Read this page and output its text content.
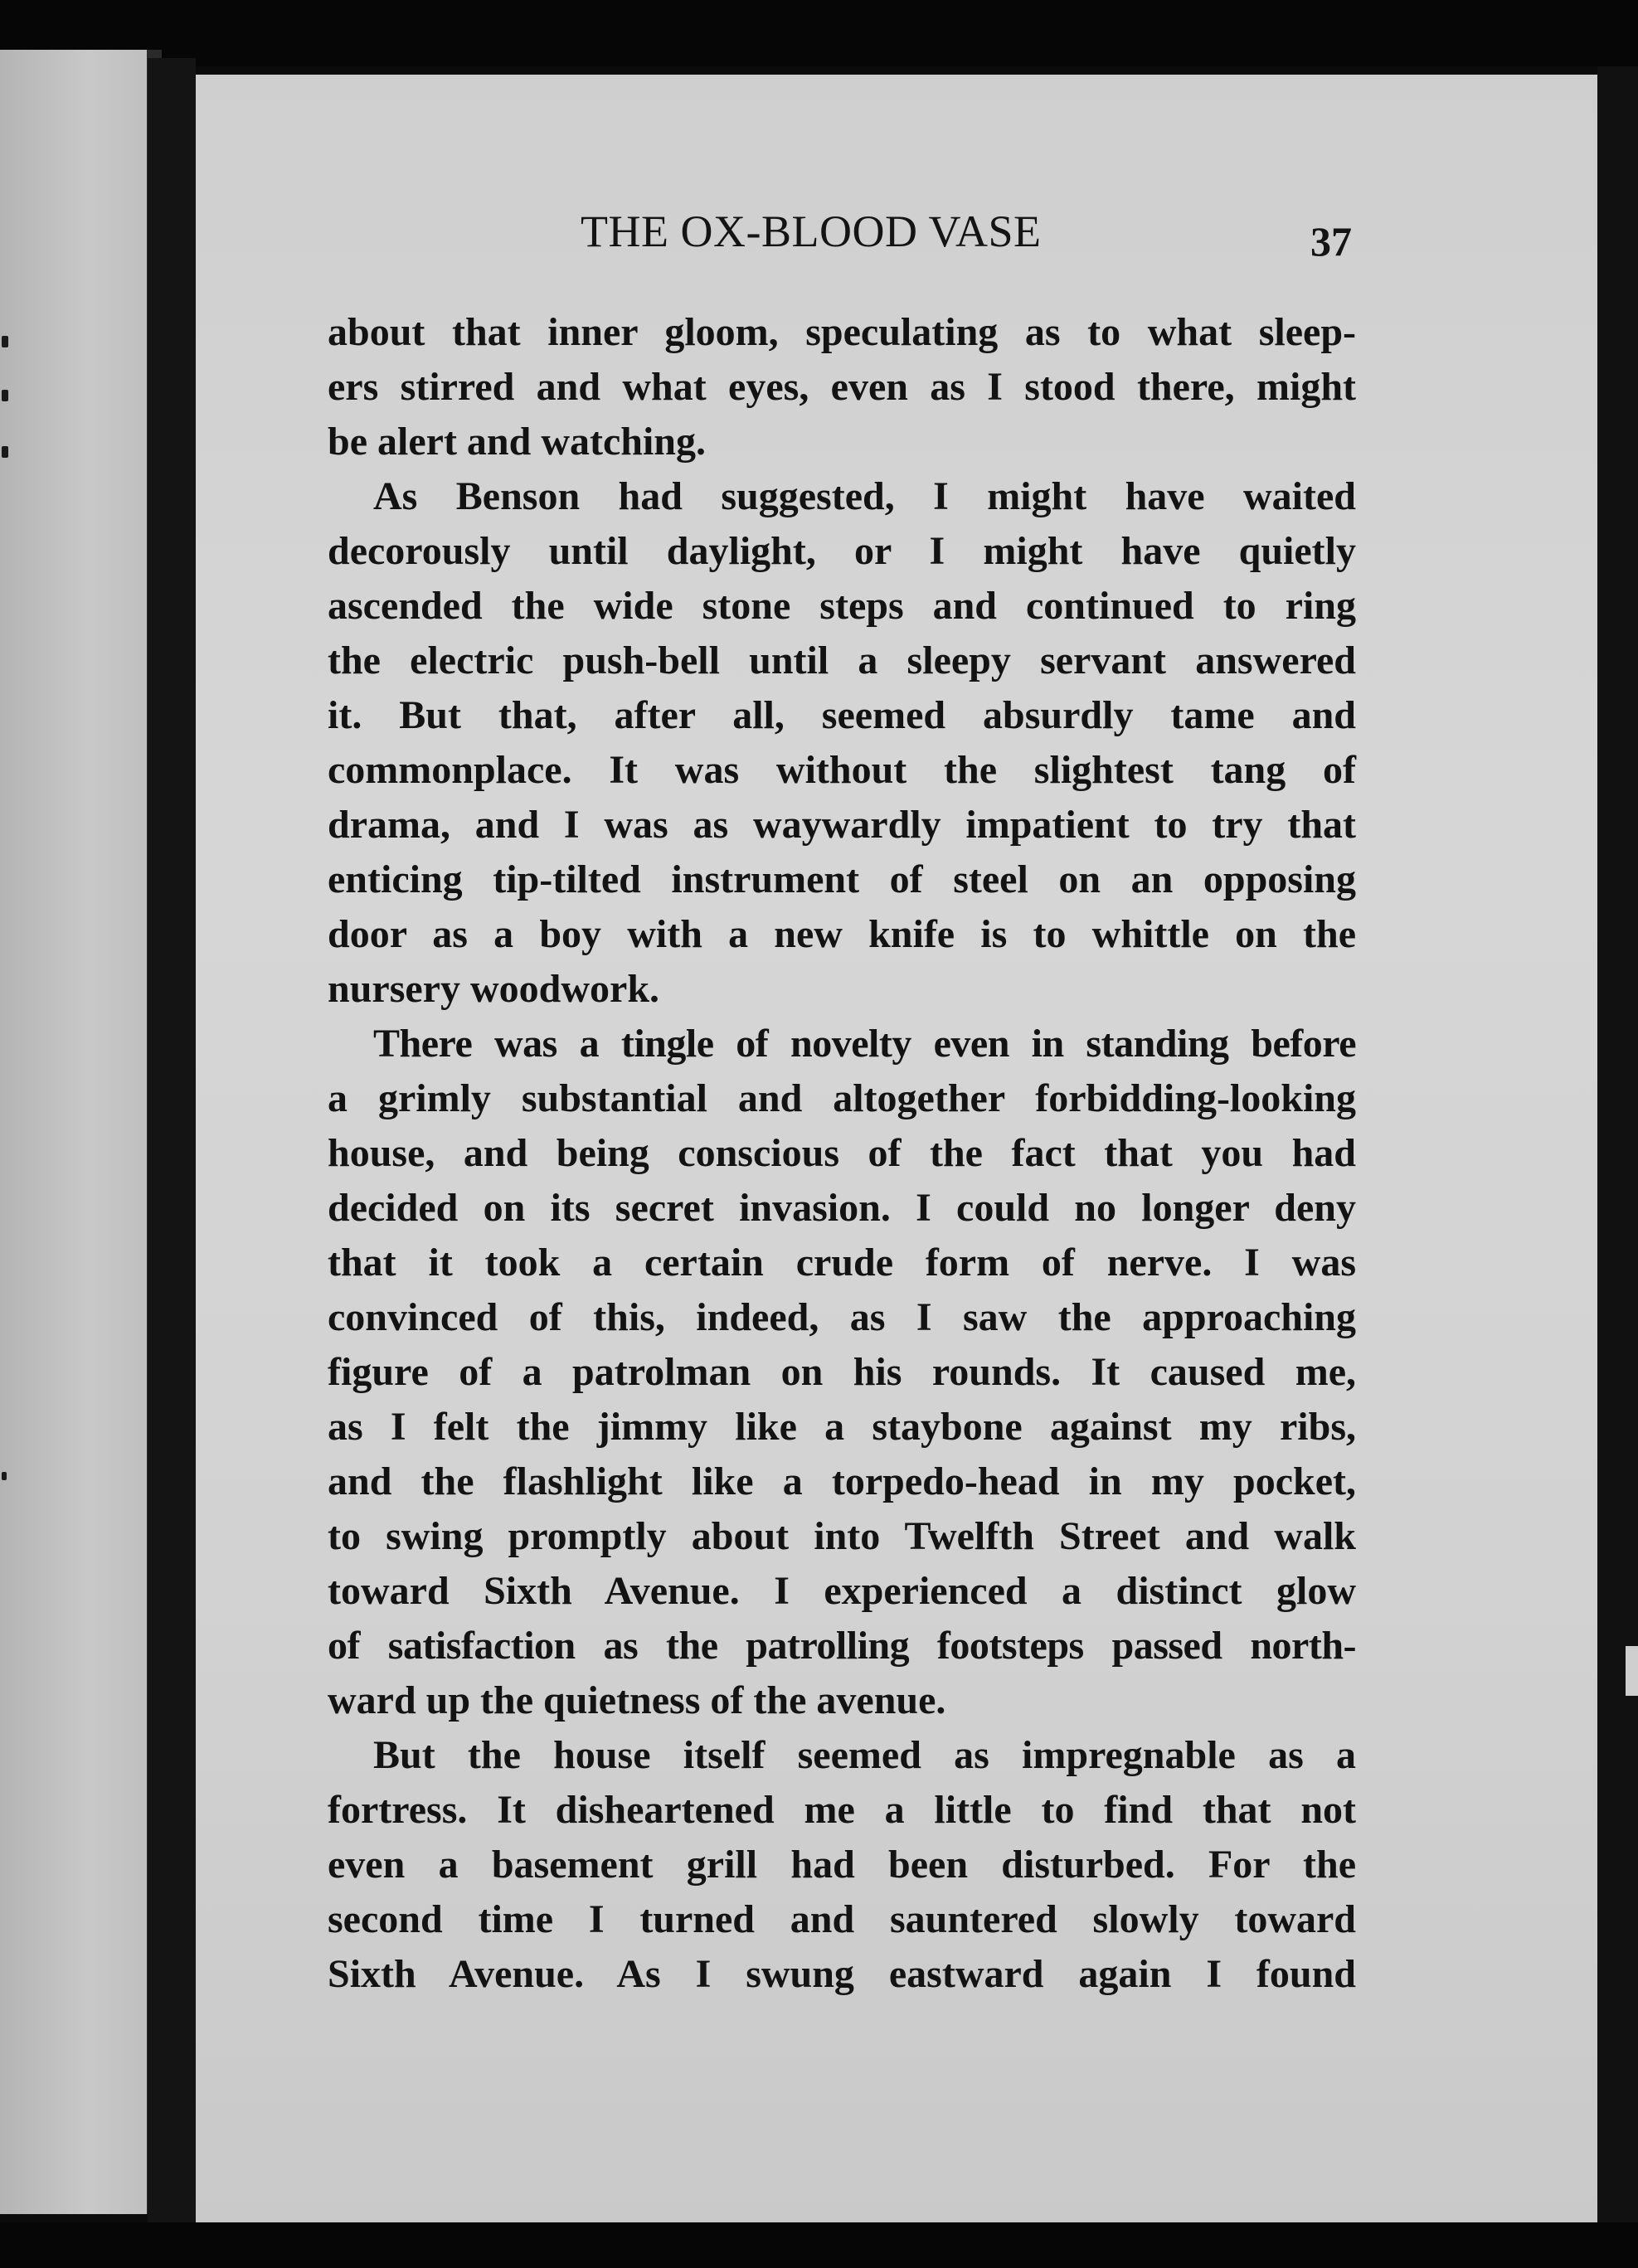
THE OX-BLOOD VASE	37
about that inner gloom, speculating as to what sleep-
ers stirred and what eyes, even as I stood there, might
be alert and watching.
As Benson had suggested, I might have waited
decorously until daylight, or I might have quietly
ascended the wide stone steps and continued to ring
the electric push-bell until a sleepy servant answered
it. But that, after all, seemed absurdly tame and
commonplace. It was without the slightest tang of
drama, and I was as waywardly impatient to try that
enticing tip-tilted instrument of steel on an opposing
door as a boy with a new knife is to whittle on the
nursery woodwork.
There was a tingle of novelty even in standing before
a grimly substantial and altogether forbidding-looking
house, and being conscious of the fact that you had
decided on its secret invasion. I could no longer deny
that it took a certain crude form of nerve. I was
convinced of this, indeed, as I saw the approaching
figure of a patrolman on his rounds. It caused me,
as I felt the jimmy like a staybone against my ribs,
and the flashlight like a torpedo-head in my pocket,
to swing promptly about into Twelfth Street and walk
toward Sixth Avenue. I experienced a distinct glow
of satisfaction as the patrolling footsteps passed north-
ward up the quietness of the avenue.
But the house itself seemed as impregnable as a
fortress. It disheartened me a little to find that not
even a basement grill had been disturbed. For the
second time I turned and sauntered slowly toward
Sixth Avenue. As I swung eastward again I found
